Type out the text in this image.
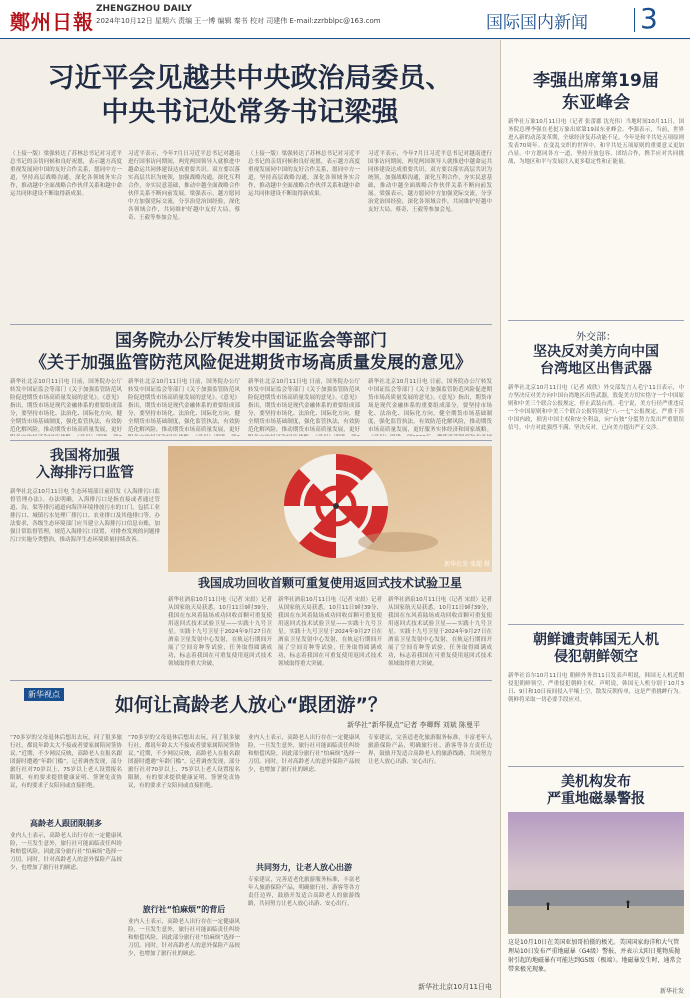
鄭州日報
ZHENGZHOU DAILY
2024年10月12日 星期六 责编 王一博 编辑 秦书 校对 司建伟 E-mail:zzrbblpc@163.com	国际国内新闻	3
习近平会见越共中央政治局委员、
中央书记处常务书记梁强
（上接一版）梁强转达了苏林总书记对习近平总书记的亲切问候和良好祝愿，表示越方高度重视发展同中国的友好合作关系，愿同中方一道，坚持高层战略沟通，深化各领域务实合作，推动越中全面战略合作伙伴关系和越中命运共同体建设不断取得新成果。
习近平表示，今年7月日习近平总书记对越南进行国事访问期间，两党两国领导人就推进中越命运共同体建设达成重要共识。双方要以落实高层共识为统领，加强战略沟通，深化互利合作，夯实民意基础，推动中越全面战略合作伙伴关系不断向前发展。梁强表示，越方愿同中方加强党际交流，分享治党治国经验，深化各领域合作，共同维护好越中友好大局。蔡奇、王毅等参加会见。
（上接一版）梁强转达了苏林总书记对习近平总书记的亲切问候和良好祝愿，表示越方高度重视发展同中国的友好合作关系，愿同中方一道，坚持高层战略沟通，深化各领域务实合作，推动越中全面战略合作伙伴关系和越中命运共同体建设不断取得新成果。
习近平表示，今年7月日习近平总书记对越南进行国事访问期间，两党两国领导人就推进中越命运共同体建设达成重要共识。双方要以落实高层共识为统领，加强战略沟通，深化互利合作，夯实民意基础，推动中越全面战略合作伙伴关系不断向前发展。梁强表示，越方愿同中方加强党际交流，分享治党治国经验，深化各领域合作，共同维护好越中友好大局。蔡奇、王毅等参加会见。
国务院办公厅转发中国证监会等部门
《关于加强监管防范风险促进期货市场高质量发展的意见》
新华社北京10月11日电 日前，国务院办公厅转发中国证监会等部门《关于加强监管防范风险促进期货市场高质量发展的意见》。《意见》指出，期货市场是现代金融体系的重要组成部分，要坚持市场化、法治化、国际化方向，健全期货市场基础制度，强化监管执法，有效防范化解风险，推动期货市场高质量发展，更好
新华社北京10月11日电 日前，国务院办公厅转发中国证监会等部门《关于加强监管防范风险促进期货市场高质量发展的意见》。《意见》指出，期货市场是现代金融体系的重要组成部分，要坚持市场化、法治化、国际化方向，健全期货市场基础制度，强化监管执法，有效防范化解风险，推动期货市场高质量发展，更好
新华社北京10月11日电 日前，国务院办公厅转发中国证监会等部门《关于加强监管防范风险促进期货市场高质量发展的意见》。《意见》指出，期货市场是现代金融体系的重要组成部分，要坚持市场化、法治化、国际化方向，健全期货市场基础制度，强化监管执法，有效防范化解风险，推动期货市场高质量发展，更好
新华社北京10月11日电 日前，国务院办公厅转发中国证监会等部门《关于加强监管防范风险促进期货市场高质量发展的意见》。《意见》指出，期货市场是现代金融体系的重要组成部分，要坚持市场化、法治化、国际化方向，健全期货市场基础制度，强化监管执法，有效防范化解风险，推动期货市场高质量发展，更好服务实体经济和国家战略。
我国将加强
入海排污口监管
新华社北京10月11日电 生态环境部日前印发《入海排污口监督管理办法》。办法明确，入海排污口是指直接或者通过管道、沟、渠等排污通道向海洋环境排放污水的口门，包括工业排污口、城镇污水处理厂排污口、农业排口及其他排口等。办法要求，各级生态环境部门应当建立入海排污口信息台账，加强日常监督管理，规范入海排污口设置，对排查发现的问题排污口实施分类整治，推动海洋生态环境质量持续改善。
新华社发 张超 摄
我国成功回收首颗可重复使用返回式技术试验卫星
新华社酒泉10月11日电（记者 宋晨）记者从国家航天局获悉，10月11日9时39分，我国在东风着陆场成功回收首颗可重复使用返回式技术试验卫星——实践十九号卫星。实践十九号卫星于2024年9月27日在酒泉卫星发射中心发射，在轨运行期间开展了空间育种等试验，任务取得圆满成功，标志着我国在可重复使用返回式技术领域取得重大突破。
新华社酒泉10月11日电（记者 宋晨）记者从国家航天局获悉，10月11日9时39分，我国在东风着陆场成功回收首颗可重复使用返回式技术试验卫星——实践十九号卫星。实践十九号卫星于2024年9月27日在酒泉卫星发射中心发射，在轨运行期间开展了空间育种等试验，任务取得圆满成功，标志着我国在可重复使用返回式技术领域取得重大突破。
新华社酒泉10月11日电（记者 宋晨）记者从国家航天局获悉，10月11日9时39分，我国在东风着陆场成功回收首颗可重复使用返回式技术试验卫星——实践十九号卫星。实践十九号卫星于2024年9月27日在酒泉卫星发射中心发射，在轨运行期间开展了空间育种等试验，任务取得圆满成功，标志着我国在可重复使用返回式技术领域取得重大突破。
新华视点	如何让高龄老人放心“跟团游”？
新华社“新华视点”记者 李卿辉 刘斌 陈曼平
“70多岁的父母退休后想出去玩，问了很多旅行社，都说年龄太大不接或者要家属陪同签协议。”近期，不少网民反映，高龄老人在报名跟团游时遭遇“年龄门槛”。记者调查发现，部分旅行社对70岁以上、75岁以上老人设置报名限制，有的要求提供健康证明、签署免责协议，有的要求子女陪同或直接拒绝。
高龄老人跟团限制多
业内人士表示，高龄老人出行存在一定健康风险，一旦发生意外，旅行社可能面临责任纠纷和赔偿风险，因此部分旅行社“怕麻烦”选择一刀切。同时，针对高龄老人的意外保险产品较少，也增加了旅行社的顾虑。
“70多岁的父母退休后想出去玩，问了很多旅行社，都说年龄太大不接或者要家属陪同签协议。”近期，不少网民反映，高龄老人在报名跟团游时遭遇“年龄门槛”。记者调查发现，部分旅行社对70岁以上、75岁以上老人设置报名限制，有的要求提供健康证明、签署免责协议，有的要求子女陪同或直接拒绝。
旅行社“怕麻烦”的背后
业内人士表示，高龄老人出行存在一定健康风险，一旦发生意外，旅行社可能面临责任纠纷和赔偿风险，因此部分旅行社“怕麻烦”选择一刀切。同时，针对高龄老人的意外保险产品较少，也增加了旅行社的顾虑。
业内人士表示，高龄老人出行存在一定健康风险，一旦发生意外，旅行社可能面临责任纠纷和赔偿风险，因此部分旅行社“怕麻烦”选择一刀切。同时，针对高龄老人的意外保险产品较少，也增加了旅行社的顾虑。
共同努力，让老人放心出游
专家建议，完善适老化旅游服务标准，丰富老年人旅游保险产品，明确旅行社、游客等各方责任边界，鼓励开发适合高龄老人的旅游线路，共同努力让老人放心出游、安心出行。
专家建议，完善适老化旅游服务标准，丰富老年人旅游保险产品，明确旅行社、游客等各方责任边界，鼓励开发适合高龄老人的旅游线路，共同努力让老人放心出游、安心出行。
新华社北京10月11日电
李强出席第19届
东亚峰会
新华社万象10月11日电（记者 张蕾郡 沈光伟）当地时间10月11日，国务院总理李强在老挝万象出席第19届东亚峰会。李强表示，当前，世界进入新的动荡变革期，全球经济复苏动能不足。今年是和平共处五项原则发表70周年。在变乱交织的世界中，和平共处五项原则的重要意义更加凸显。中方愿同各方一道，坚持开放包容、团结合作，携手应对共同挑战，为地区和平与发展注入更多稳定性和正能量。
外交部：
坚决反对美方向中国
台湾地区出售武器
新华社北京10月11日电（记者 成欣）外交部发言人毛宁11日表示，中方坚决反对美方向中国台湾地区出售武器，敦促美方切实恪守一个中国原则和中美三个联合公报规定，停止武装台湾。毛宁说，美方行径严重违反一个中国原则和中美三个联合公报特别是“八·一七”公报规定，严重干涉中国内政，损害中国主权和安全利益，向“台独”分裂势力发出严重错误信号。中方对此强烈不满、坚决反对，已向美方提出严正交涉。
朝鲜谴责韩国无人机
侵犯朝鲜领空
新华社首尔10月11日电 朝鲜外务省11日发表声明说，韩国无人机近期侵犯朝鲜领空，严重侵犯朝鲜主权。声明说，韩国无人机分别于10月3日、9日和10日夜间侵入平壤上空，散发反朝传单，这是严重挑衅行为。朝鲜将采取一切必要手段应对。
美机构发布
严重地磁暴警报
这是10月10日在美国亚加哥拍摄的极光。美国国家海洋和大气管理局10日发布严重地磁暴（G4级）警报，并表示太阳日冕物质抛射引起的地磁暴有可能达到G5级（极端）。地磁暴发生时，通常会带来极光现象。
新华社发
